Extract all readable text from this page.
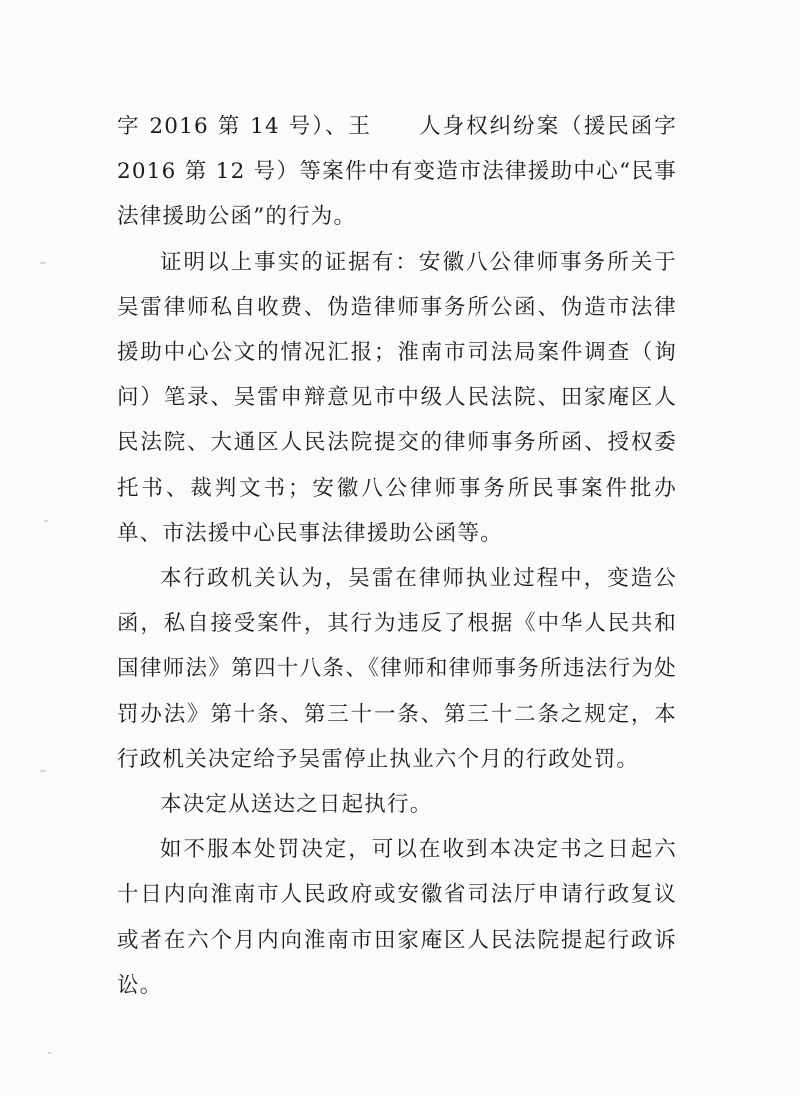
字 2016 第 14 号）、王　　人身权纠纷案（援民函字 2016 第 12 号）等案件中有变造市法律援助中心“民事法律援助公函”的行为。

证明以上事实的证据有：安徽八公律师事务所关于吴雷律师私自收费、伪造律师事务所公函、伪造市法律援助中心公文的情况汇报；淮南市司法局案件调查（询问）笔录、吴雷申辩意见市中级人民法院、田家庵区人民法院、大通区人民法院提交的律师事务所函、授权委托书、裁判文书；安徽八公律师事务所民事案件批办单、市法援中心民事法律援助公函等。

本行政机关认为，吴雷在律师执业过程中，变造公函，私自接受案件，其行为违反了根据《中华人民共和国律师法》第四十八条、《律师和律师事务所违法行为处罚办法》第十条、第三十一条、第三十二条之规定，本行政机关决定给予吴雷停止执业六个月的行政处罚。

本决定从送达之日起执行。

如不服本处罚决定，可以在收到本决定书之日起六十日内向淮南市人民政府或安徽省司法厅申请行政复议或者在六个月内向淮南市田家庵区人民法院提起行政诉讼。
